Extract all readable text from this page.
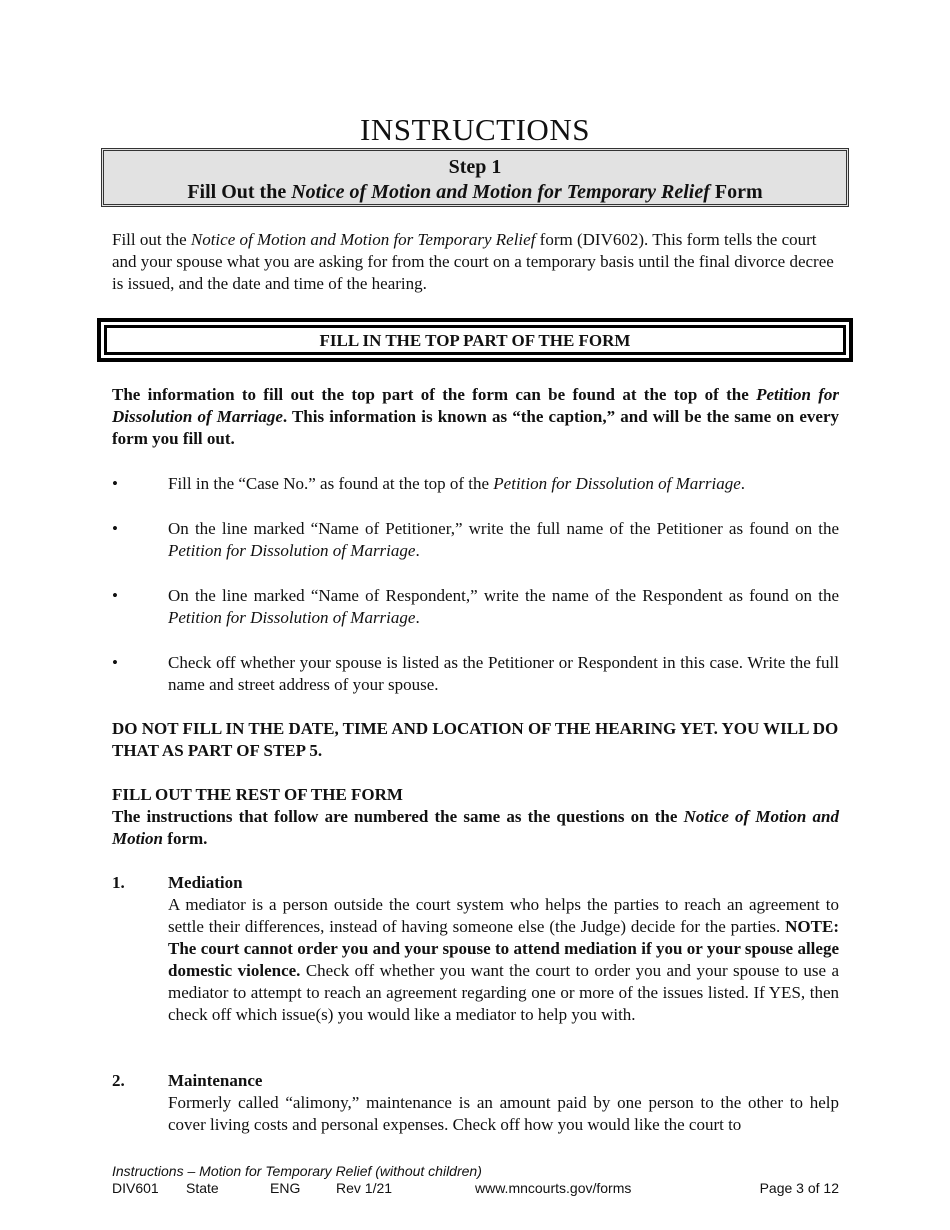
INSTRUCTIONS
Step 1
Fill Out the Notice of Motion and Motion for Temporary Relief Form
Fill out the Notice of Motion and Motion for Temporary Relief form (DIV602). This form tells the court and your spouse what you are asking for from the court on a temporary basis until the final divorce decree is issued, and the date and time of the hearing.
FILL IN THE TOP PART OF THE FORM
The information to fill out the top part of the form can be found at the top of the Petition for Dissolution of Marriage. This information is known as “the caption,” and will be the same on every form you fill out.
•	Fill in the “Case No.” as found at the top of the Petition for Dissolution of Marriage.
•	On the line marked “Name of Petitioner,” write the full name of the Petitioner as found on the Petition for Dissolution of Marriage.
•	On the line marked “Name of Respondent,” write the name of the Respondent as found on the Petition for Dissolution of Marriage.
•	Check off whether your spouse is listed as the Petitioner or Respondent in this case. Write the full name and street address of your spouse.
DO NOT FILL IN THE DATE, TIME AND LOCATION OF THE HEARING YET. YOU WILL DO THAT AS PART OF STEP 5.
FILL OUT THE REST OF THE FORM
The instructions that follow are numbered the same as the questions on the Notice of Motion and Motion form.
1.	Mediation
A mediator is a person outside the court system who helps the parties to reach an agreement to settle their differences, instead of having someone else (the Judge) decide for the parties. NOTE: The court cannot order you and your spouse to attend mediation if you or your spouse allege domestic violence. Check off whether you want the court to order you and your spouse to use a mediator to attempt to reach an agreement regarding one or more of the issues listed. If YES, then check off which issue(s) you would like a mediator to help you with.
2.	Maintenance
Formerly called “alimony,” maintenance is an amount paid by one person to the other to help cover living costs and personal expenses. Check off how you would like the court to
Instructions – Motion for Temporary Relief (without children)
DIV601 State	ENG	Rev 1/21	www.mncourts.gov/forms	Page 3 of 12
